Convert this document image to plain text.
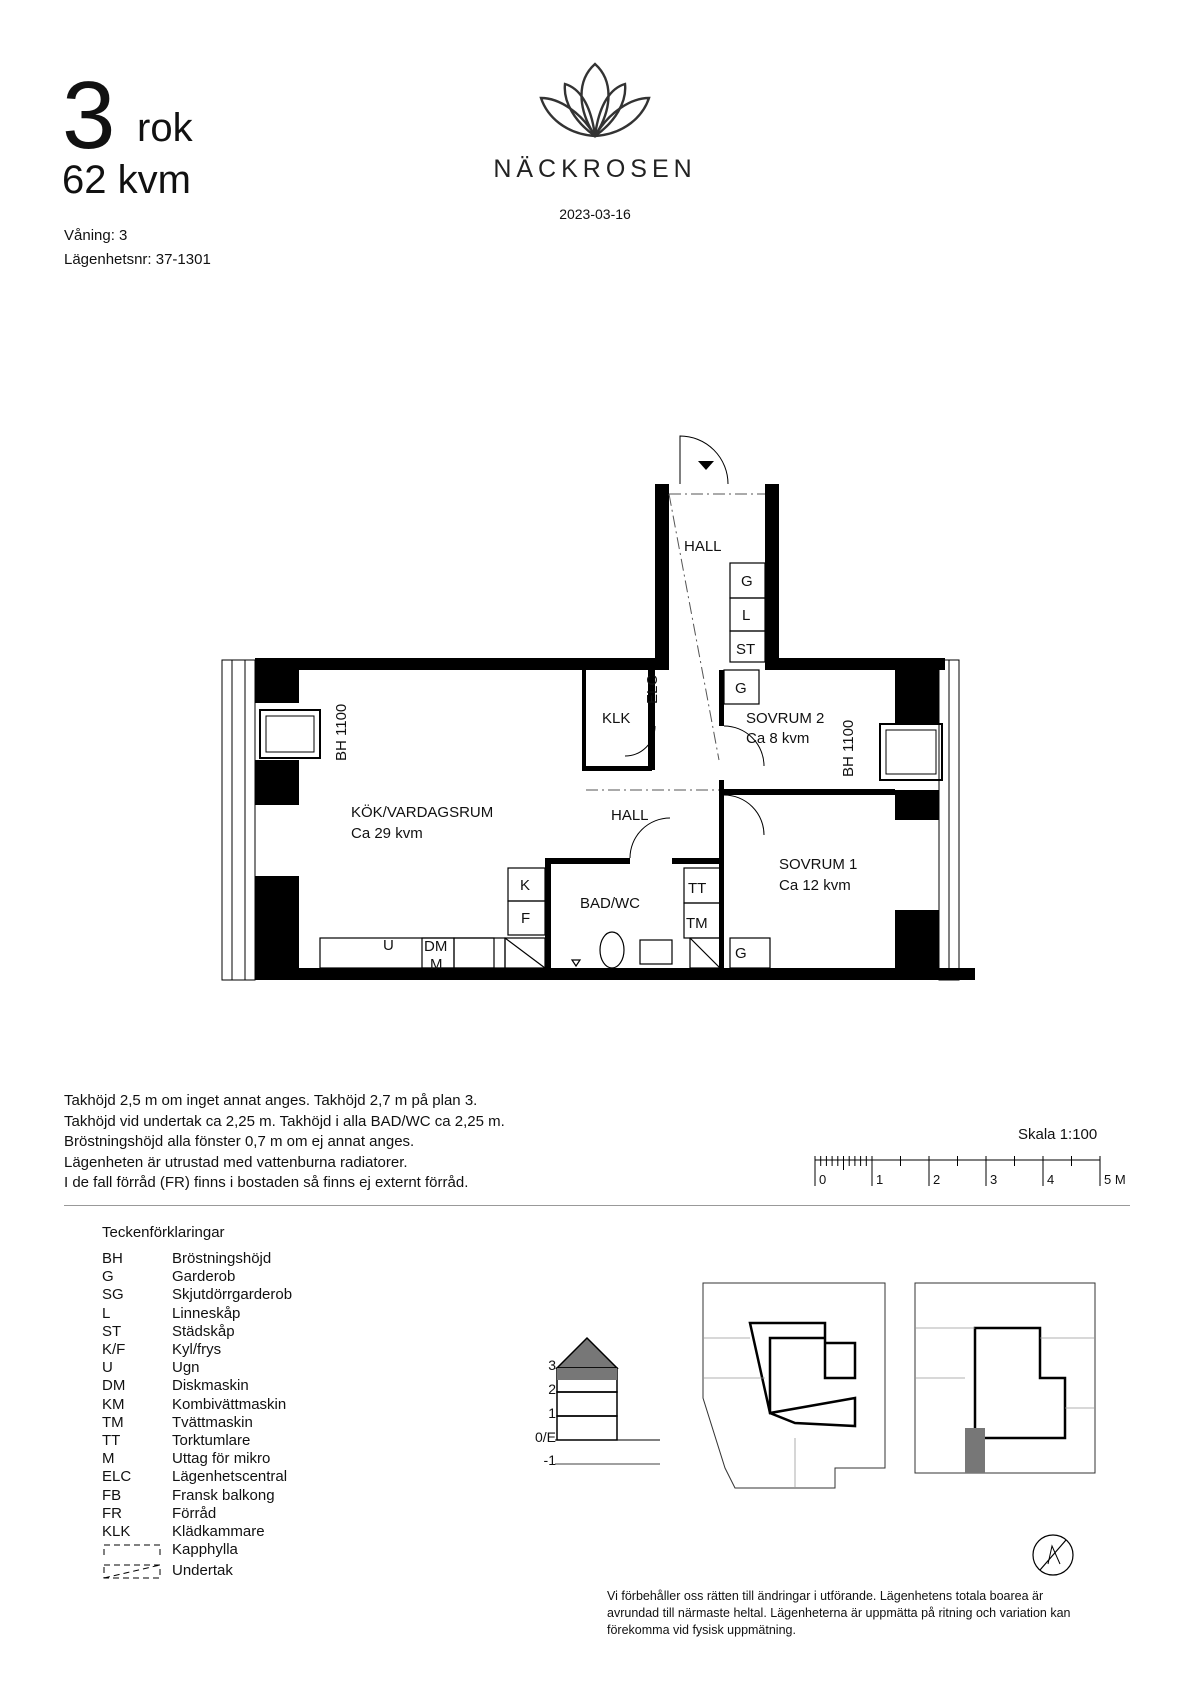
3 rok
62 kvm
Våning: 3
Lägenhetsnr: 37-1301
NÄCKROSEN
2023-03-16
HALL
G
L
ST
G
ELC
KLK	SOVRUM 2
Ca 8 kvm BH 1100
BH 1100
KÖK/VARDAGSRUM
Ca 29 kvm
HALL
SOVRUM 1
Ca 12 kvm
K
F
BAD/WC
TT
TM
U DM
M
G
Takhöjd 2,5 m om inget annat anges. Takhöjd 2,7 m på plan 3.
Takhöjd vid undertak ca 2,25 m. Takhöjd i alla BAD/WC ca 2,25 m.
Bröstningshöjd alla fönster 0,7 m om ej annat anges.
Lägenheten är utrustad med vattenburna radiatorer.
I de fall förråd (FR) finns i bostaden så finns ej externt förråd.
Skala 1:100
0	1	2	3	4	5 M
Teckenförklaringar
BH	Bröstningshöjd
G	Garderob
SG	Skjutdörrgarderob
L	Linneskåp
ST	Städskåp
K/F	Kyl/frys
U	Ugn
DM	Diskmaskin
KM	Kombivättmaskin
TM	Tvättmaskin
TT	Torktumlare
M	Uttag för mikro
ELC	Lägenhetscentral
FB	Fransk balkong
FR	Förråd
KLK	Klädkammare
Kapphylla
Undertak
3
2
1
0/E
-1
Vi förbehåller oss rätten till ändringar i utförande. Lägenhetens totala boarea är avrundad till närmaste heltal. Lägenheterna är uppmätta på ritning och variation kan förekomma vid fysisk uppmätning.
